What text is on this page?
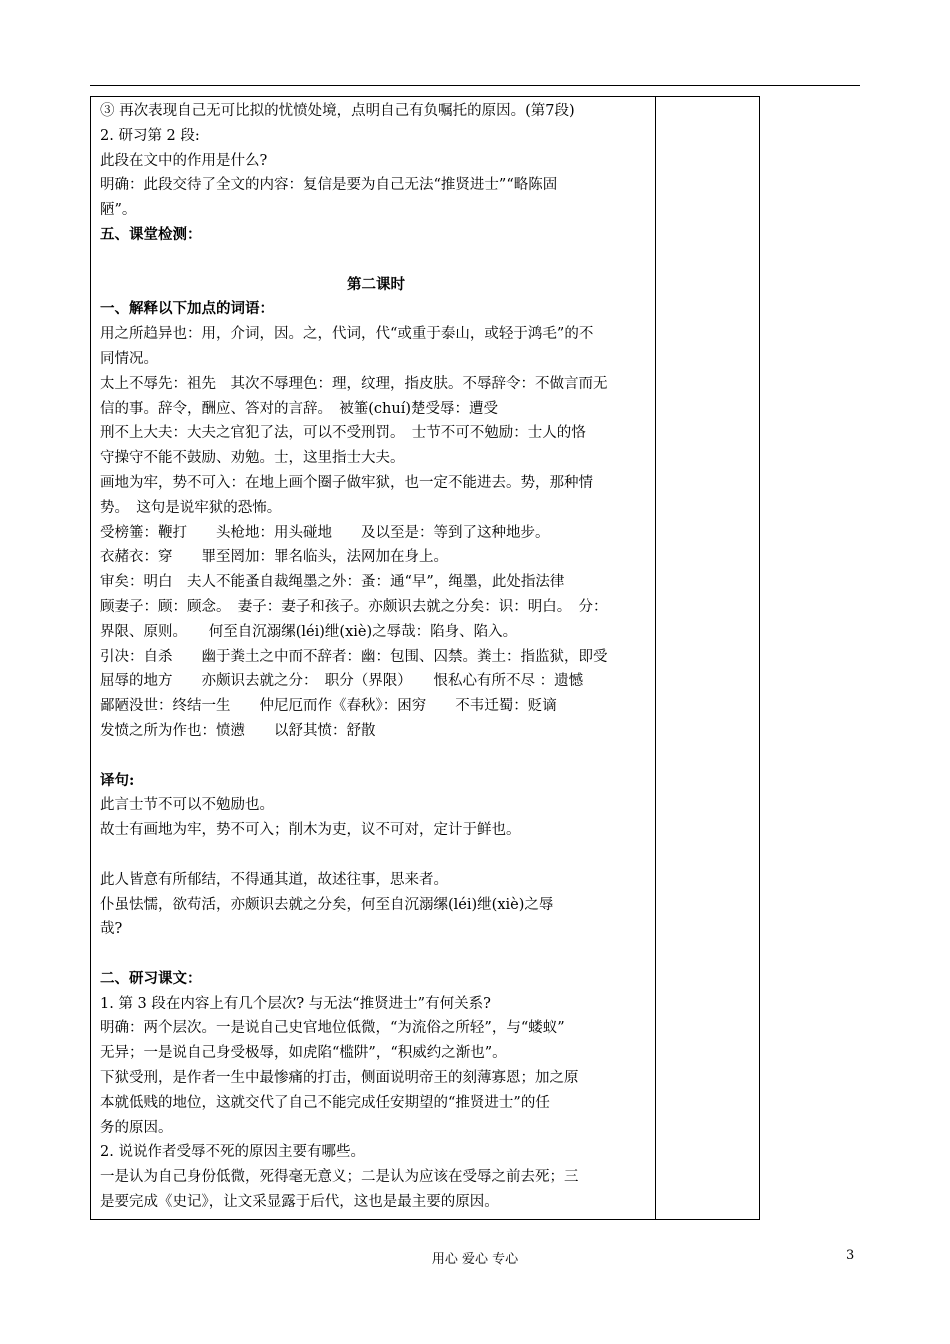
③ 再次表现自己无可比拟的忧愤处境，点明自己有负嘱托的原因。(第7段)
2. 研习第 2 段:
此段在文中的作用是什么?
明确：此段交待了全文的内容：复信是要为自己无法“推贤进士”“略陈固
陋”。
五、课堂检测：
第二课时
一、解释以下加点的词语：
用之所趋异也：用，介词，因。之，代词，代“或重于泰山，或轻于鸿毛”的不
同情况。
太上不辱先：祖先　其次不辱理色：理，纹理，指皮肤。不辱辞令：不做言而无
信的事。辞令，酬应、答对的言辞。　被箠(chuí)楚受辱：遭受
刑不上大夫：大夫之官犯了法，可以不受刑罚。　士节不可不勉励：士人的恪
守操守不能不鼓励、劝勉。士，这里指士大夫。
画地为牢，势不可入：在地上画个圈子做牢狱，也一定不能进去。势，那种情
势。　这句是说牢狱的恐怖。
受榜箠：鞭打　　头枪地：用头碰地　　及以至是：等到了这种地步。
衣赭衣：穿　　罪至罔加：罪名临头，法网加在身上。
审矣：明白　夫人不能蚤自裁绳墨之外：蚤：通“早”，绳墨，此处指法律
顾妻子：顾：顾念。　妻子：妻子和孩子。亦颇识去就之分矣：识：明白。　分：
界限、原则。　　何至自沉溺缧(léi)绁(xiè)之辱哉：陷身、陷入。
引决：自杀　　幽于粪土之中而不辞者：幽：包围、囚禁。粪土：指监狱，即受
屈辱的地方　　亦颇识去就之分：　职分（界限）　　恨私心有所不尽 ：遗憾
鄙陋没世：终结一生　　仲尼厄而作《春秋》：困穷　　不韦迁蜀：贬谪
发愤之所为作也：愤懑　　以舒其愤：舒散
译句:
此言士节不可以不勉励也。
故士有画地为牢，势不可入；削木为吏，议不可对，定计于鲜也。
此人皆意有所郁结，不得通其道，故述往事，思来者。
仆虽怯懦，欲苟活，亦颇识去就之分矣，何至自沉溺缧(léi)绁(xiè)之辱
哉?
二、研习课文：
1. 第 3 段在内容上有几个层次? 与无法“推贤进士”有何关系?
明确：两个层次。一是说自己史官地位低微，“为流俗之所轻”，与“蝼蚁”
无异；一是说自己身受极辱，如虎陷“槛阱”，“积威约之渐也”。
下狱受刑，是作者一生中最惨痛的打击，侧面说明帝王的刻薄寡恩；加之原
本就低贱的地位，这就交代了自己不能完成任安期望的“推贤进士”的任
务的原因。
2. 说说作者受辱不死的原因主要有哪些。
一是认为自己身份低微，死得毫无意义；二是认为应该在受辱之前去死；三
是要完成《史记》，让文采显露于后代，这也是最主要的原因。
用心 爱心 专心	3
